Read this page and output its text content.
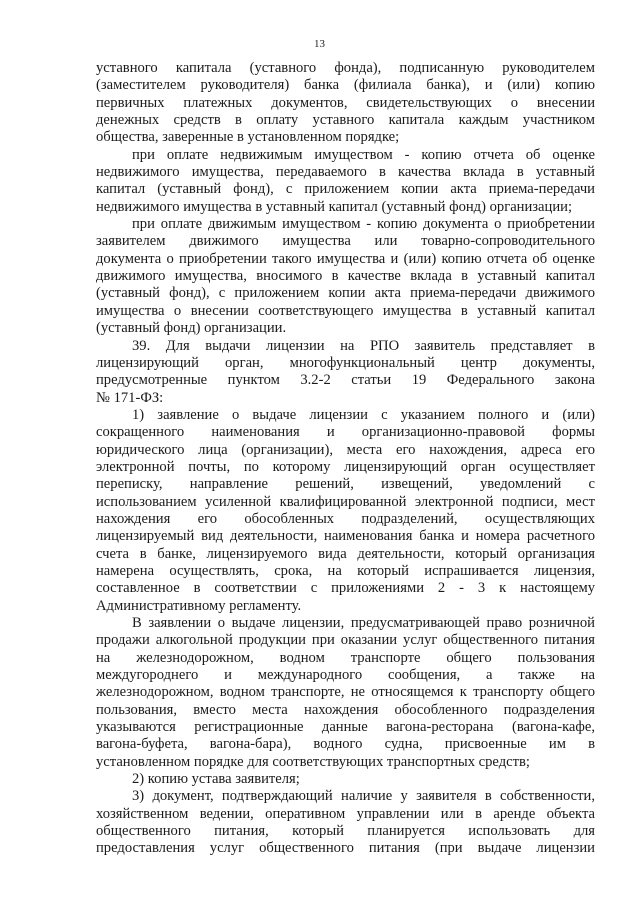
13
уставного капитала (уставного фонда), подписанную руководителем
(заместителем руководителя) банка (филиала банка), и (или) копию
первичных платежных документов, свидетельствующих о внесении
денежных средств в оплату уставного капитала каждым участником
общества, заверенные в установленном порядке;
при оплате недвижимым имуществом - копию отчета об оценке
недвижимого имущества, передаваемого в качества вклада в уставный
капитал (уставный фонд), с приложением копии акта приема-передачи
недвижимого имущества в уставный капитал (уставный фонд) организации;
при оплате движимым имуществом - копию документа о приобретении
заявителем движимого имущества или товарно-сопроводительного
документа о приобретении такого имущества и (или) копию отчета об оценке
движимого имущества, вносимого в качестве вклада в уставный капитал
(уставный фонд), с приложением копии акта приема-передачи движимого
имущества о внесении соответствующего имущества в уставный капитал
(уставный фонд) организации.
39. Для выдачи лицензии на РПО заявитель представляет в
лицензирующий орган, многофункциональный центр документы,
предусмотренные пунктом 3.2-2 статьи 19 Федерального закона
№ 171-ФЗ:
1) заявление о выдаче лицензии с указанием полного и (или)
сокращенного наименования и организационно-правовой формы
юридического лица (организации), места его нахождения, адреса его
электронной почты, по которому лицензирующий орган осуществляет
переписку, направление решений, извещений, уведомлений с
использованием усиленной квалифицированной электронной подписи, мест
нахождения его обособленных подразделений, осуществляющих
лицензируемый вид деятельности, наименования банка и номера расчетного
счета в банке, лицензируемого вида деятельности, который организация
намерена осуществлять, срока, на который испрашивается лицензия,
составленное в соответствии с приложениями 2 - 3 к настоящему
Административному регламенту.
В заявлении о выдаче лицензии, предусматривающей право розничной
продажи алкогольной продукции при оказании услуг общественного питания
на железнодорожном, водном транспорте общего пользования
междугороднего и международного сообщения, а также на
железнодорожном, водном транспорте, не относящемся к транспорту общего
пользования, вместо места нахождения обособленного подразделения
указываются регистрационные данные вагона-ресторана (вагона-кафе,
вагона-буфета, вагона-бара), водного судна, присвоенные им в
установленном порядке для соответствующих транспортных средств;
2) копию устава заявителя;
3) документ, подтверждающий наличие у заявителя в собственности,
хозяйственном ведении, оперативном управлении или в аренде объекта
общественного питания, который планируется использовать для
предоставления услуг общественного питания (при выдаче лицензии
